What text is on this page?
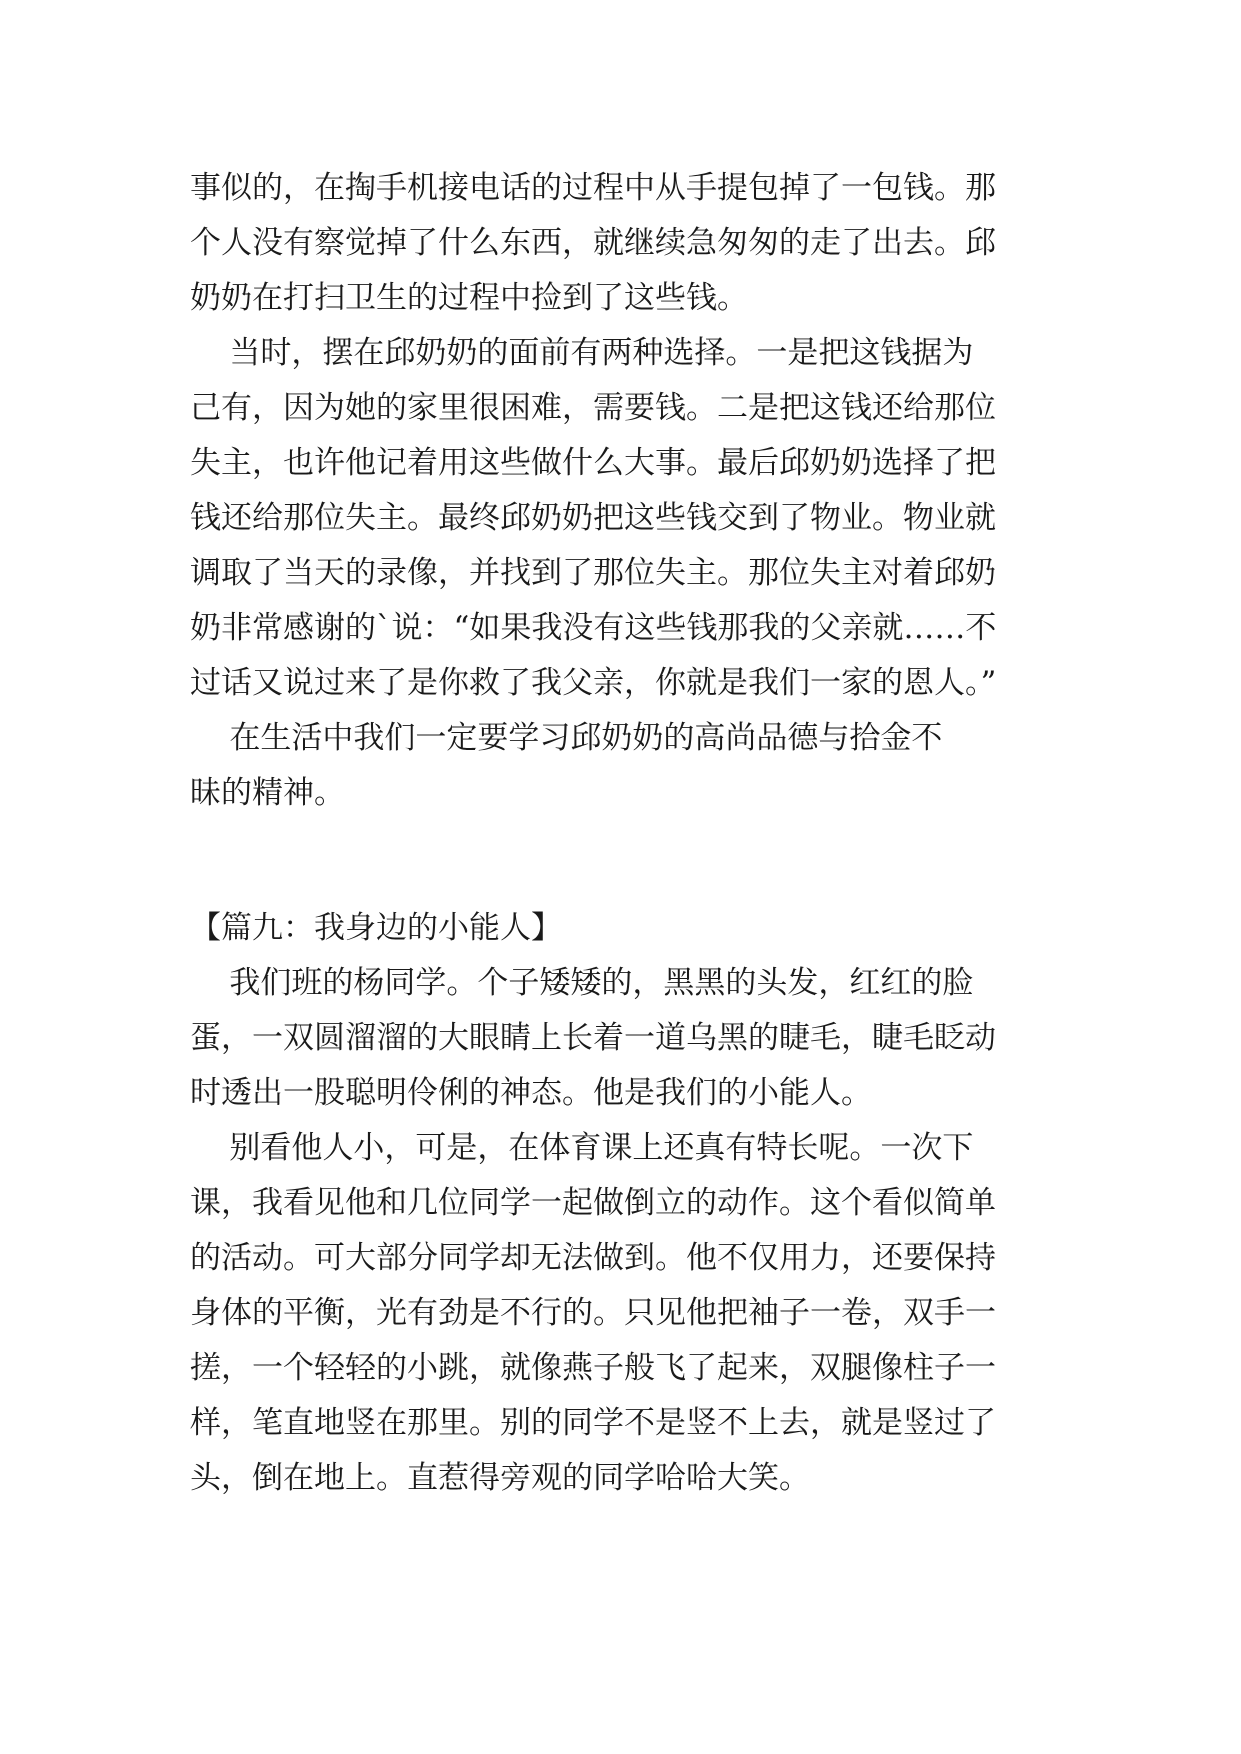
事似的，在掏手机接电话的过程中从手提包掉了一包钱。那
个人没有察觉掉了什么东西，就继续急匆匆的走了出去。邱
奶奶在打扫卫生的过程中捡到了这些钱。
当时，摆在邱奶奶的面前有两种选择。一是把这钱据为
己有，因为她的家里很困难，需要钱。二是把这钱还给那位
失主，也许他记着用这些做什么大事。最后邱奶奶选择了把
钱还给那位失主。最终邱奶奶把这些钱交到了物业。物业就
调取了当天的录像，并找到了那位失主。那位失主对着邱奶
奶非常感谢的`说：“如果我没有这些钱那我的父亲就……不
过话又说过来了是你救了我父亲，你就是我们一家的恩人。”
在生活中我们一定要学习邱奶奶的高尚品德与拾金不
昧的精神。
【篇九：我身边的小能人】
我们班的杨同学。个子矮矮的，黑黑的头发，红红的脸
蛋，一双圆溜溜的大眼睛上长着一道乌黑的睫毛，睫毛眨动
时透出一股聪明伶俐的神态。他是我们的小能人。
别看他人小，可是，在体育课上还真有特长呢。一次下
课，我看见他和几位同学一起做倒立的动作。这个看似简单
的活动。可大部分同学却无法做到。他不仅用力，还要保持
身体的平衡，光有劲是不行的。只见他把袖子一卷，双手一
搓，一个轻轻的小跳，就像燕子般飞了起来，双腿像柱子一
样，笔直地竖在那里。别的同学不是竖不上去，就是竖过了
头，倒在地上。直惹得旁观的同学哈哈大笑。
